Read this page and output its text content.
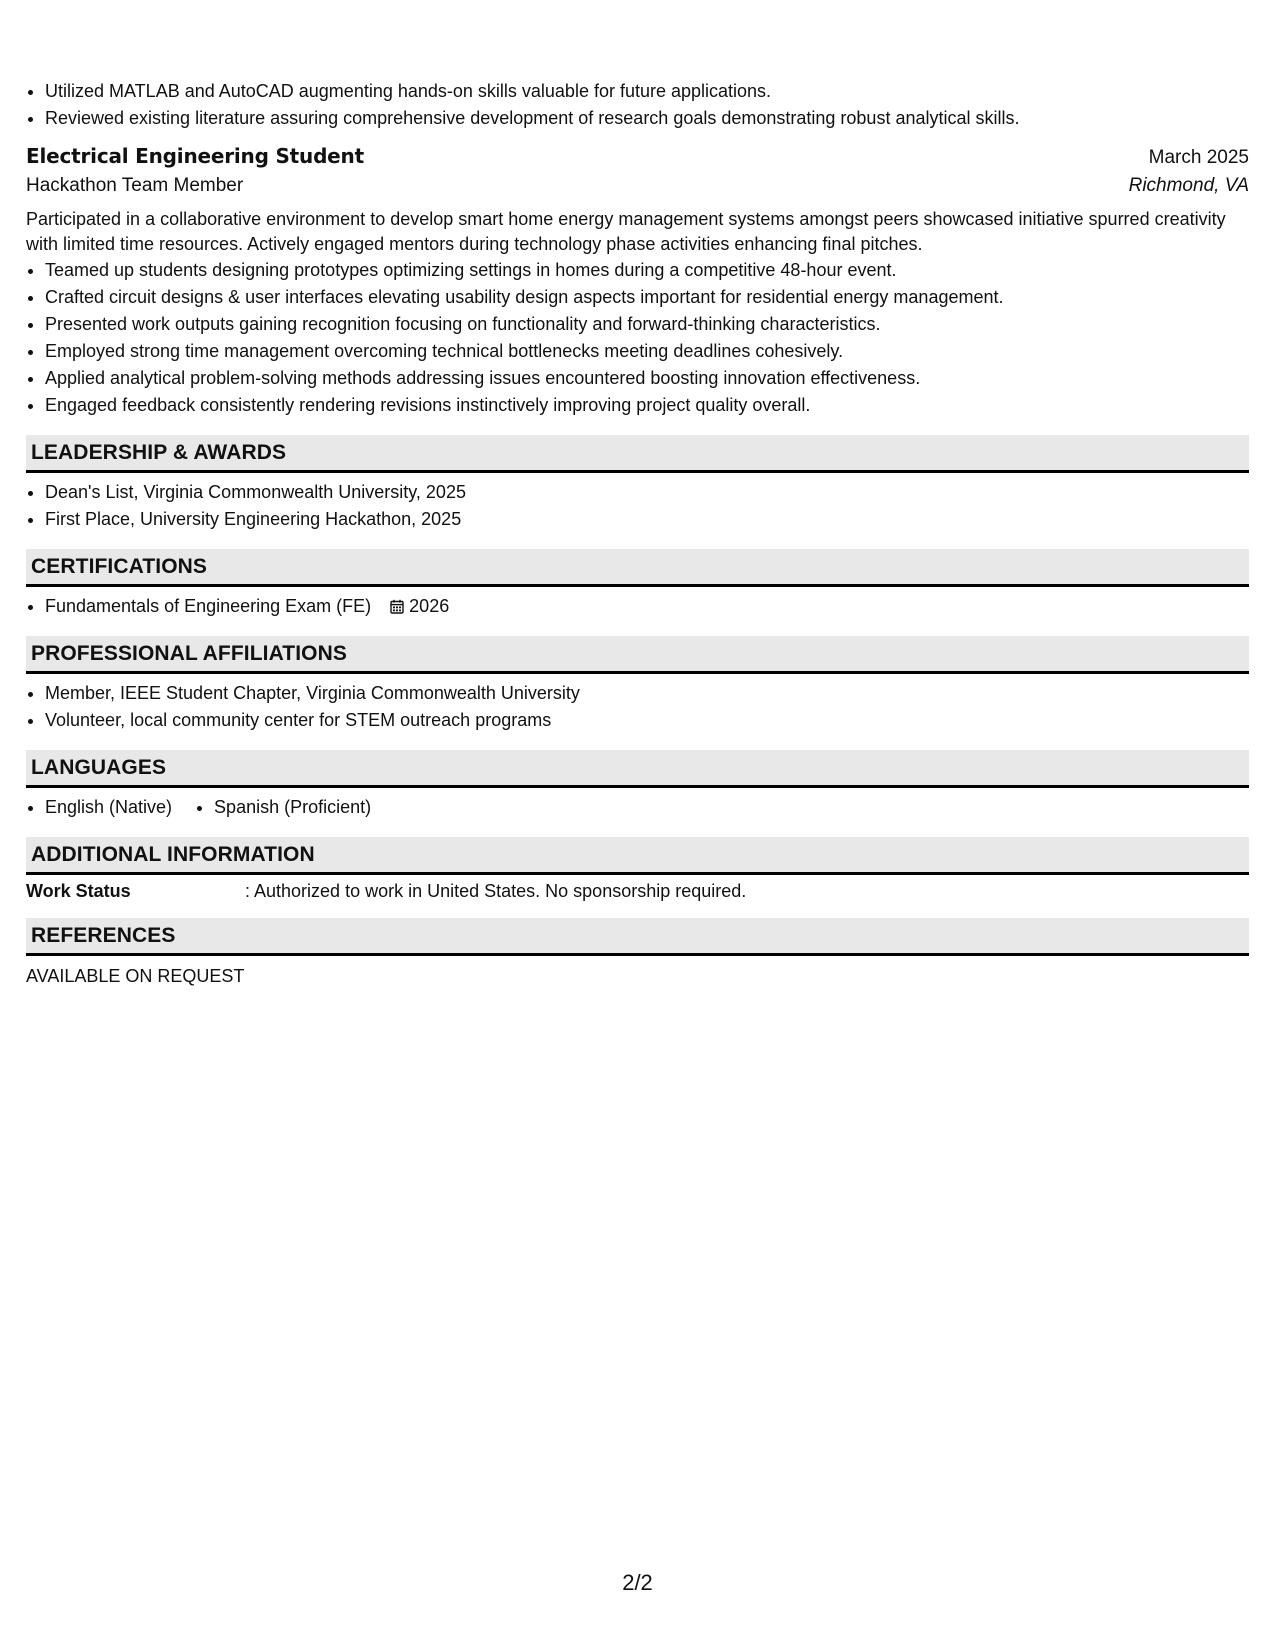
• Utilized MATLAB and AutoCAD augmenting hands-on skills valuable for future applications.
• Reviewed existing literature assuring comprehensive development of research goals demonstrating robust analytical skills.
Electrical Engineering Student	March 2025
Hackathon Team Member	Richmond, VA
Participated in a collaborative environment to develop smart home energy management systems amongst peers showcased initiative spurred creativity with limited time resources. Actively engaged mentors during technology phase activities enhancing final pitches.
• Teamed up students designing prototypes optimizing settings in homes during a competitive 48-hour event.
• Crafted circuit designs & user interfaces elevating usability design aspects important for residential energy management.
• Presented work outputs gaining recognition focusing on functionality and forward-thinking characteristics.
• Employed strong time management overcoming technical bottlenecks meeting deadlines cohesively.
• Applied analytical problem-solving methods addressing issues encountered boosting innovation effectiveness.
• Engaged feedback consistently rendering revisions instinctively improving project quality overall.
LEADERSHIP & AWARDS
• Dean's List, Virginia Commonwealth University, 2025
• First Place, University Engineering Hackathon, 2025
CERTIFICATIONS
• Fundamentals of Engineering Exam (FE) 2026
PROFESSIONAL AFFILIATIONS
• Member, IEEE Student Chapter, Virginia Commonwealth University
• Volunteer, local community center for STEM outreach programs
LANGUAGES
• English (Native)
• Spanish (Proficient)
ADDITIONAL INFORMATION
Work Status	: Authorized to work in United States. No sponsorship required.
REFERENCES
AVAILABLE ON REQUEST
2/2
